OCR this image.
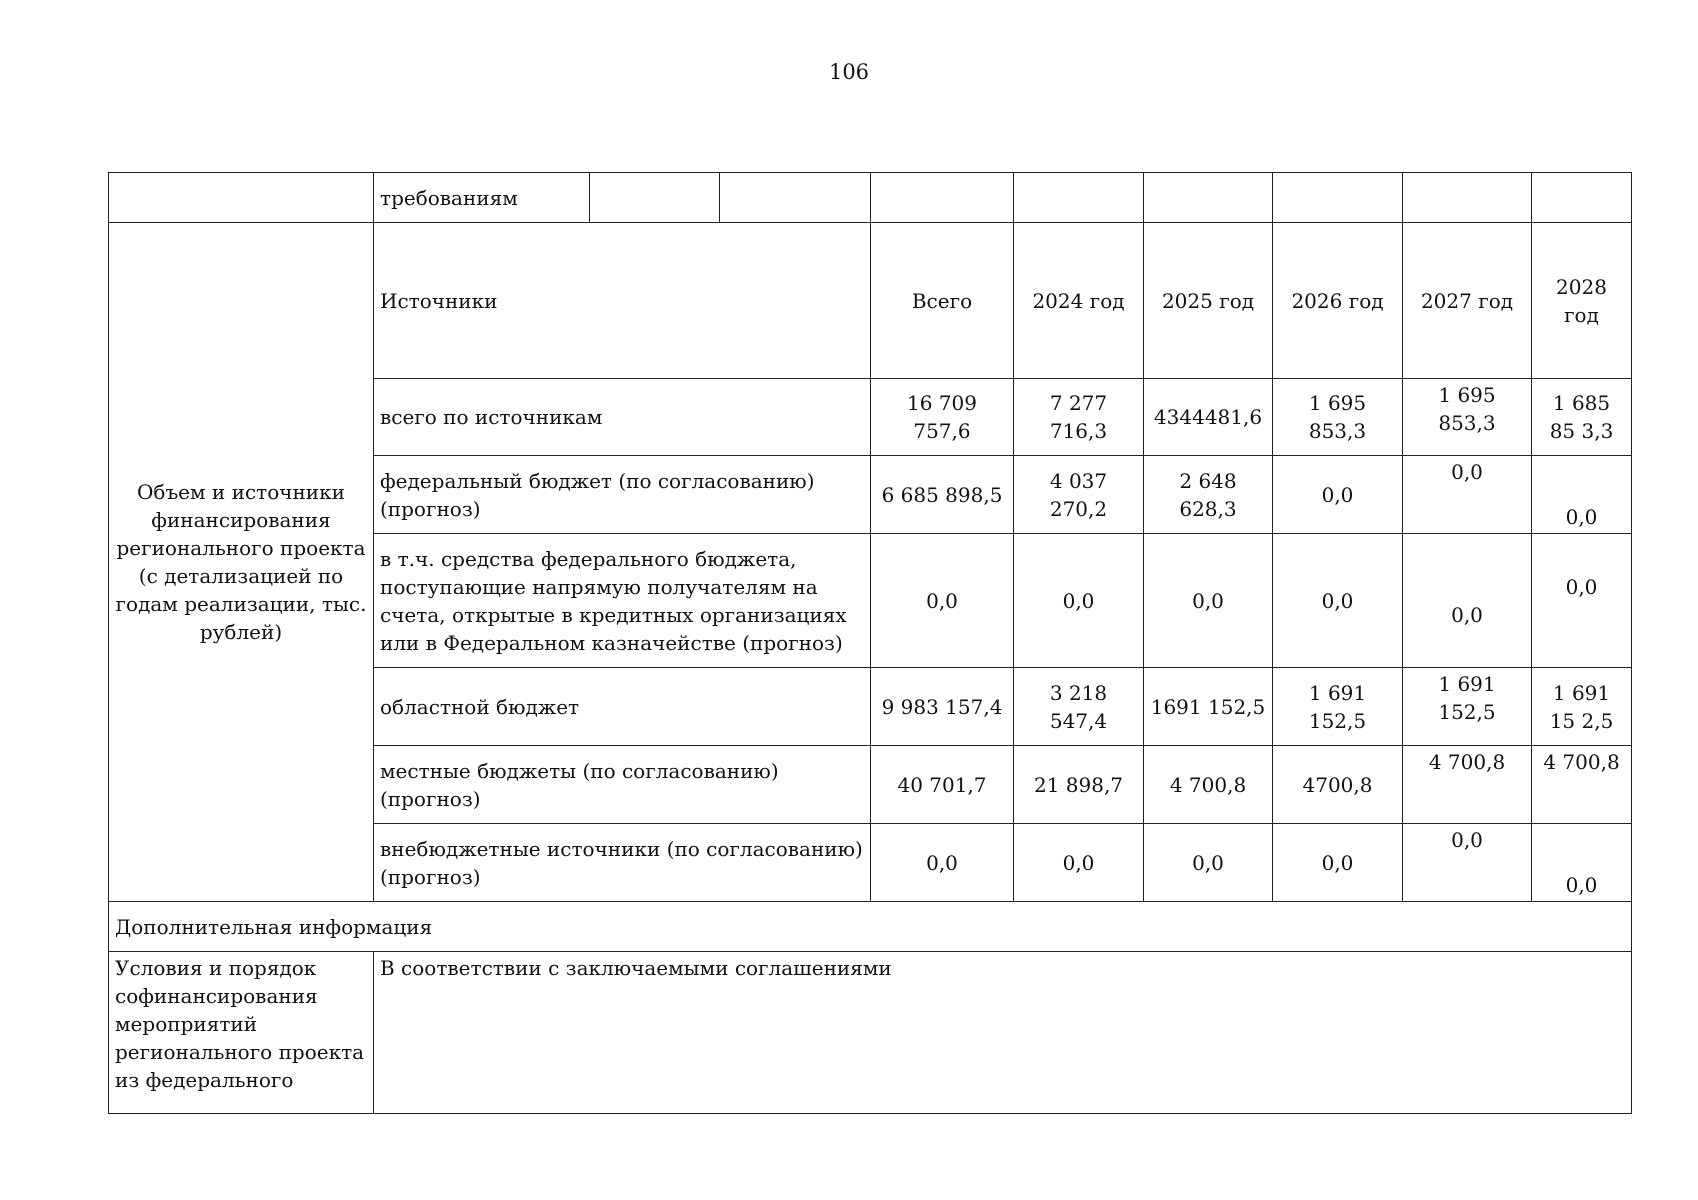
106
	требованиям								
Объем и источники финансирования регионального проекта (с детализацией по годам реализации, тыс. рублей)	Источники			Всего	2024 год	2025 год	2026 год	2027 год	2028 год
	всего по источникам			16 709 757,6	7 277 716,3	4344481,6	1 695 853,3	1 695 853,3	1 685 85 3,3
	федеральный бюджет (по согласованию) (прогноз)			6 685 898,5	4 037 270,2	2 648 628,3	0,0	0,0	0,0
	в т.ч. средства федерального бюджета, поступающие напрямую получателям на счета, открытые в кредитных организациях или в Федеральном казначействе (прогноз)			0,0	0,0	0,0	0,0	0,0	0,0
	областной бюджет			9 983 157,4	3 218 547,4	1691 152,5	1 691 152,5	1 691 152,5	1 691 15 2,5
	местные бюджеты (по согласованию) (прогноз)			40 701,7	21 898,7	4 700,8	4700,8	4 700,8	4 700,8
	внебюджетные источники (по согласованию) (прогноз)			0,0	0,0	0,0	0,0	0,0	0,0
Дополнительная информация									
Условия и порядок софинансирования мероприятий регионального проекта из федерального	В соответствии с заключаемыми соглашениями								
